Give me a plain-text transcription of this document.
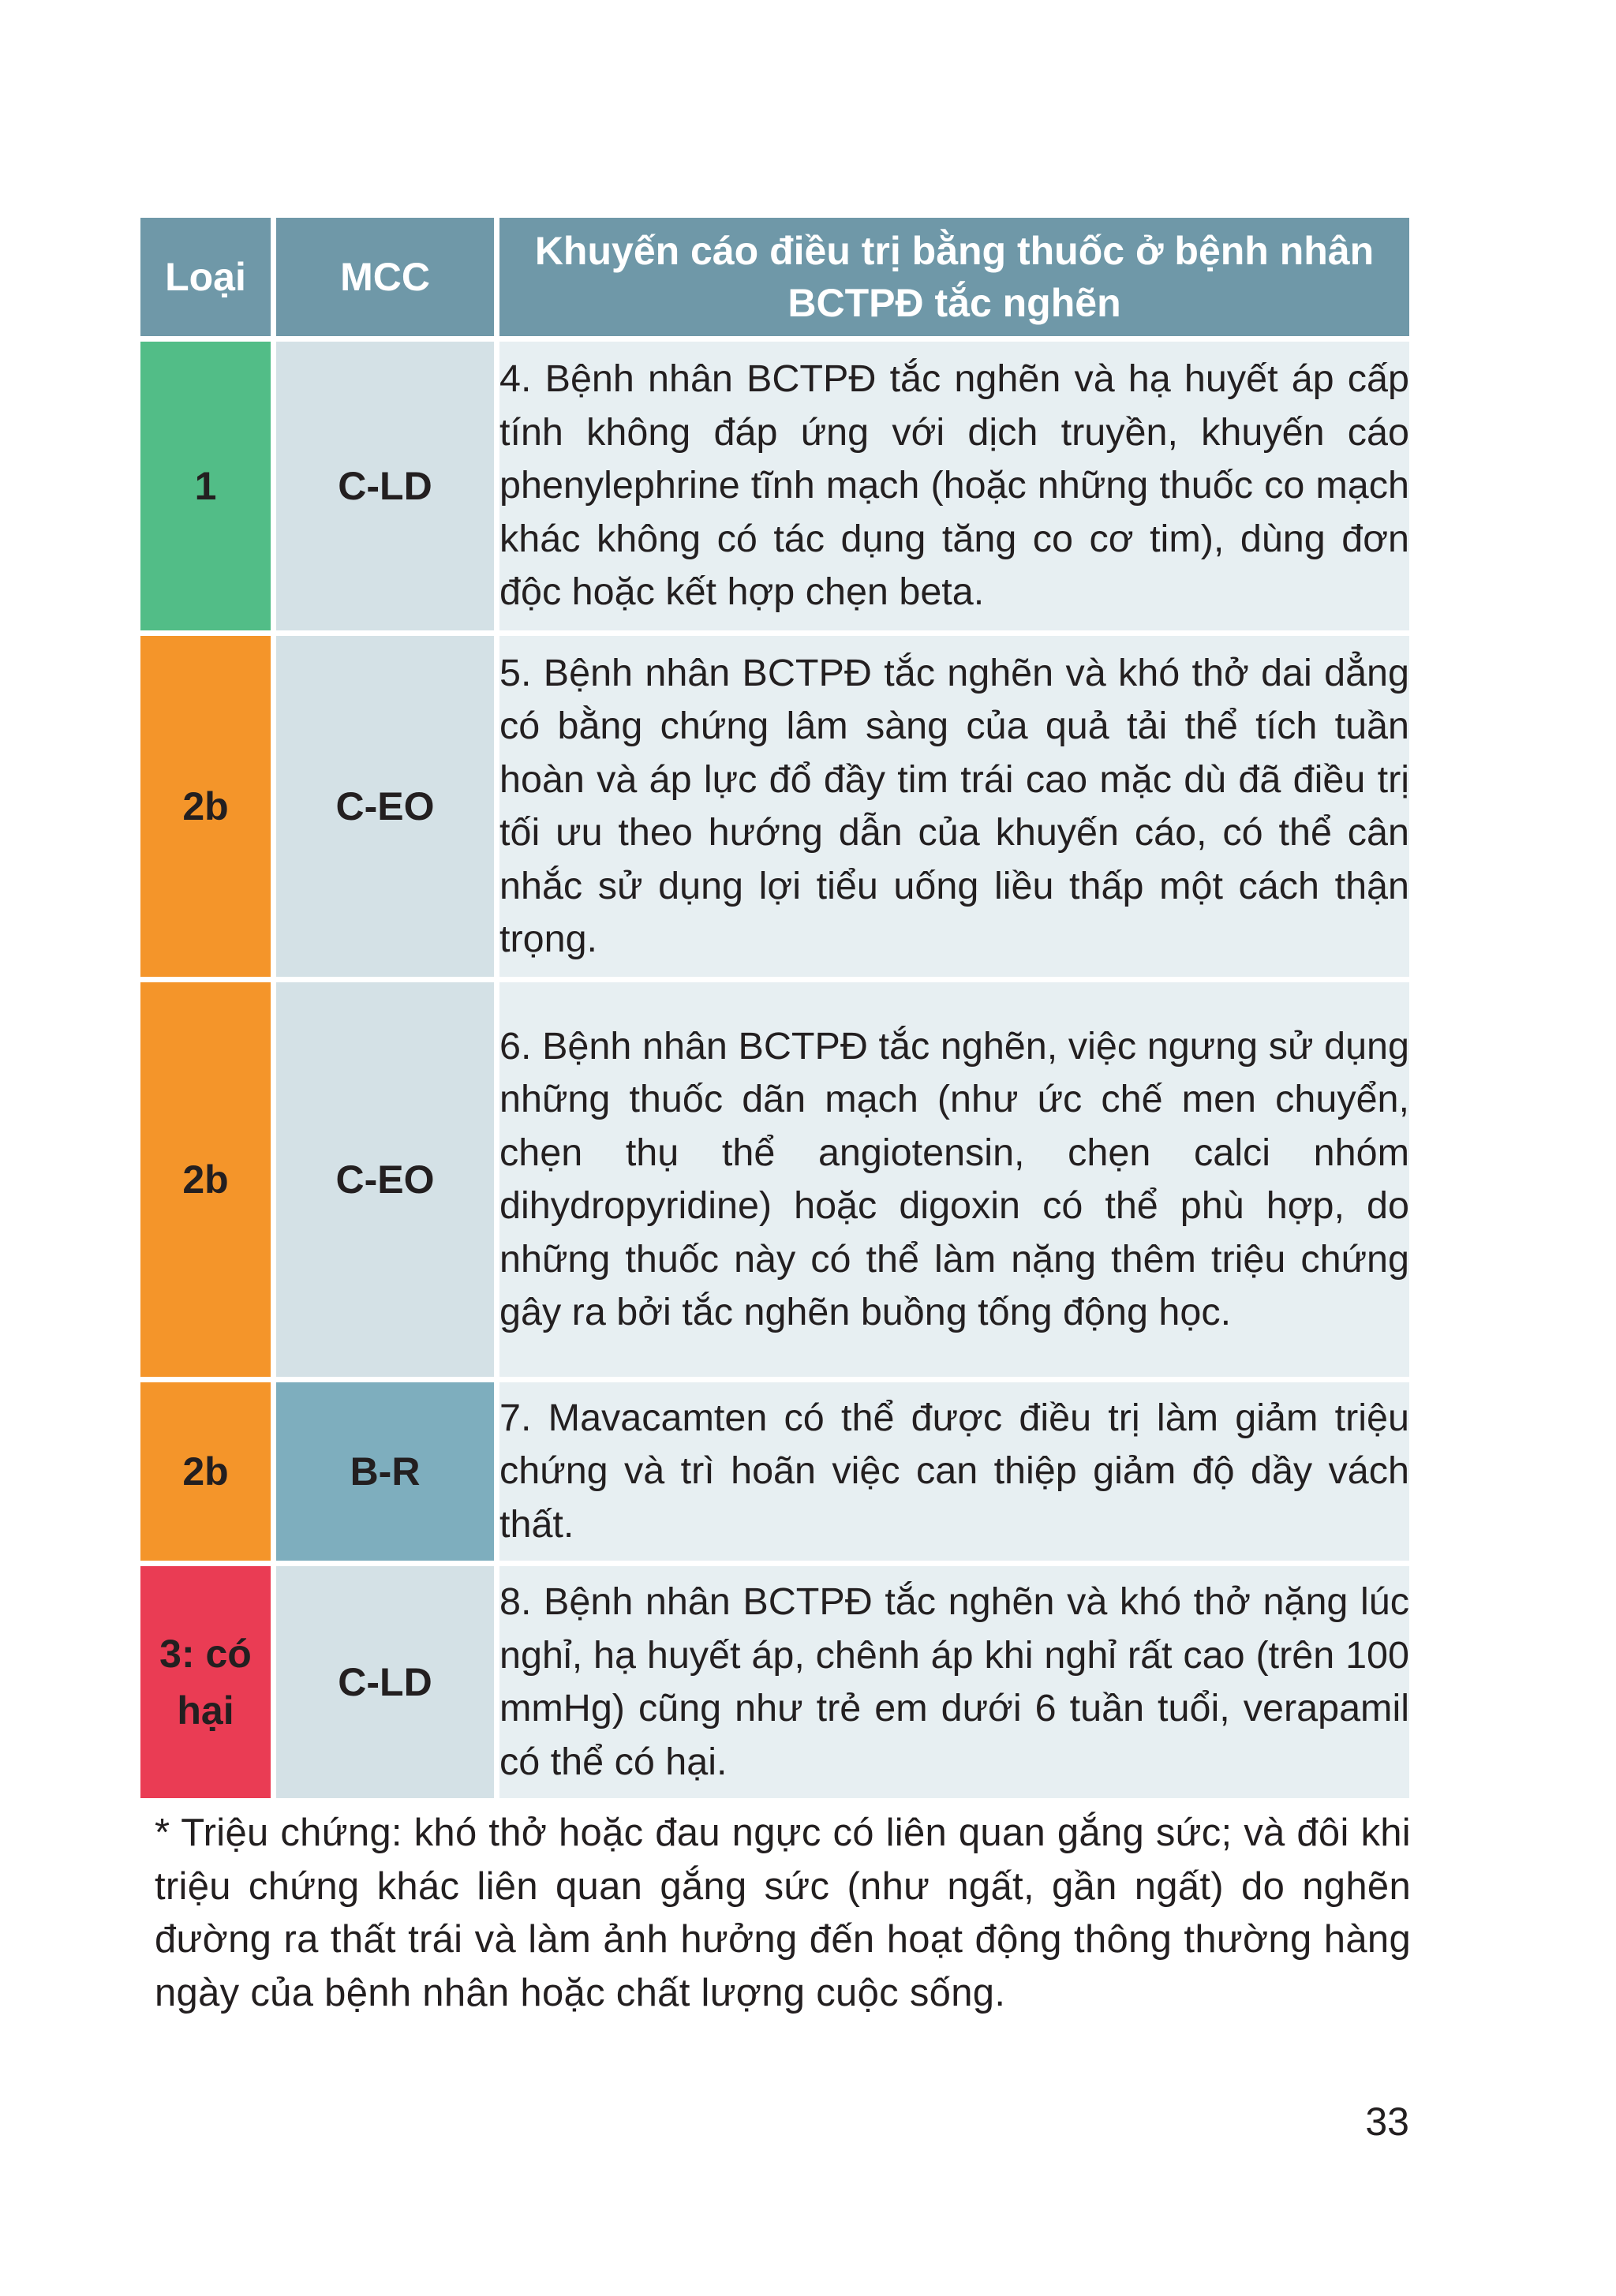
Loại	MCC	Khuyến cáo điều trị bằng thuốc ở bệnh nhân BCTPĐ tắc nghẽn
1	C-LD	4. Bệnh nhân BCTPĐ tắc nghẽn và hạ huyết áp cấp tính không đáp ứng với dịch truyền, khuyến cáo phenylephrine tĩnh mạch (hoặc những thuốc co mạch khác không có tác dụng tăng co cơ tim), dùng đơn độc hoặc kết hợp chẹn beta.
2b	C-EO	5. Bệnh nhân BCTPĐ tắc nghẽn và khó thở dai dẳng có bằng chứng lâm sàng của quả tải thể tích tuần hoàn và áp lực đổ đầy tim trái cao mặc dù đã điều trị tối ưu theo hướng dẫn của khuyến cáo, có thể cân nhắc sử dụng lợi tiểu uống liều thấp một cách thận trọng.
2b	C-EO	6. Bệnh nhân BCTPĐ tắc nghẽn, việc ngưng sử dụng những thuốc dãn mạch (như ức chế men chuyển, chẹn thụ thể angiotensin, chẹn calci nhóm dihydropyridine) hoặc digoxin có thể phù hợp, do những thuốc này có thể làm nặng thêm triệu chứng gây ra bởi tắc nghẽn buồng tống động học.
2b	B-R	7. Mavacamten có thể được điều trị làm giảm triệu chứng và trì hoãn việc can thiệp giảm độ dầy vách thất.
3: có hại	C-LD	8. Bệnh nhân BCTPĐ tắc nghẽn và khó thở nặng lúc nghỉ, hạ huyết áp, chênh áp khi nghỉ rất cao (trên 100 mmHg) cũng như trẻ em dưới 6 tuần tuổi, verapamil có thể có hại.
* Triệu chứng: khó thở hoặc đau ngực có liên quan gắng sức; và đôi khi triệu chứng khác liên quan gắng sức (như ngất, gần ngất) do nghẽn đường ra thất trái và làm ảnh hưởng đến hoạt động thông thường hàng ngày của bệnh nhân hoặc chất lượng cuộc sống.
33
